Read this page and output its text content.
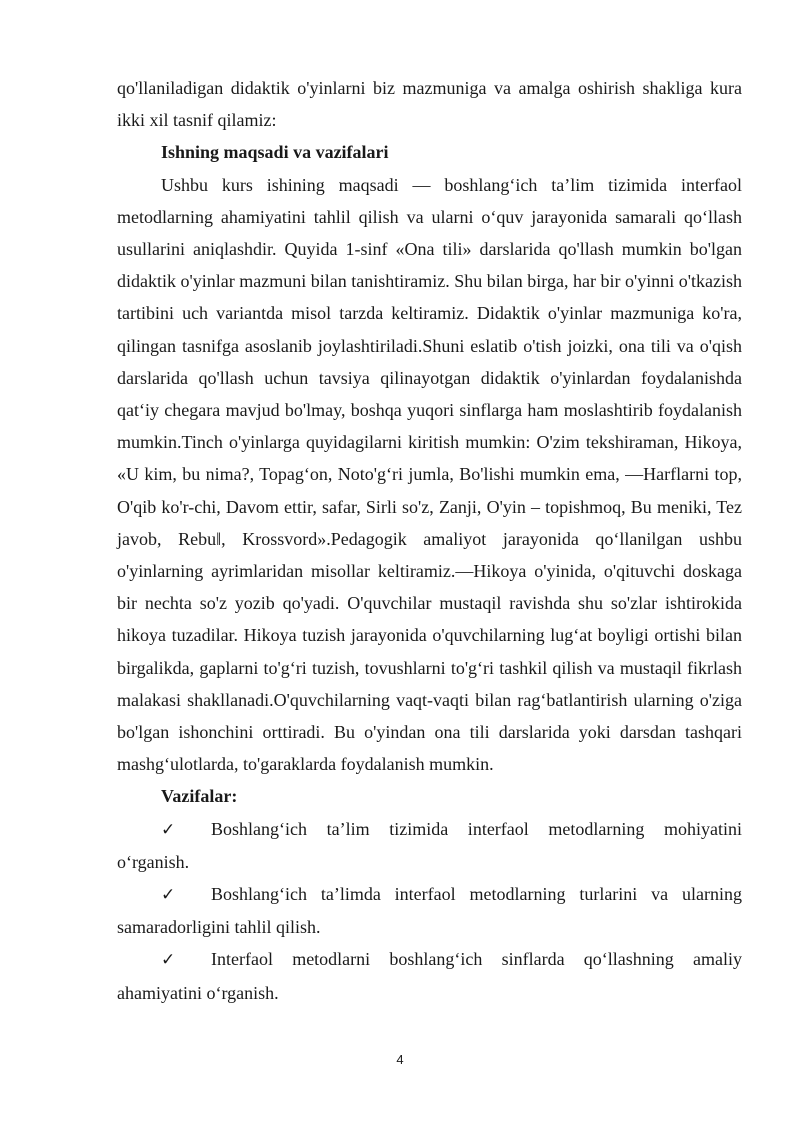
qo'llaniladigan didaktik o'yinlarni biz mazmuniga va amalga oshirish shakliga kura ikki xil tasnif qilamiz:

Ishning maqsadi va vazifalari

Ushbu kurs ishining maqsadi — boshlang‘ich ta’lim tizimida interfaol metodlarning ahamiyatini tahlil qilish va ularni o‘quv jarayonida samarali qo‘llash usullarini aniqlashdir. Quyida 1-sinf «Ona tili» darslarida qo'llash mumkin bo'lgan didaktik o'yinlar mazmuni bilan tanishtiramiz. Shu bilan birga, har bir o'yinni o'tkazish tartibini uch variantda misol tarzda keltiramiz. Didaktik o'yinlar mazmuniga ko'ra, qilingan tasnifga asoslanib joylashtiriladi.Shuni eslatib o'tish joizki, ona tili va o'qish darslarida qo'llash uchun tavsiya qilinayotgan didaktik o'yinlardan foydalanishda qat‘iy chegara mavjud bo'lmay, boshqa yuqori sinflarga ham moslashtirib foydalanish mumkin.Tinch o'yinlarga quyidagilarni kiritish mumkin: O'zim tekshiraman, Hikoya, «U kim, bu nima?, Topag‘on, Noto'g‘ri jumla, Bo'lishi mumkin ema, —Harflarni top, O'qib ko'r-chi, Davom ettir, safar, Sirli so'z, Zanji, O'yin – topishmoq, Bu meniki, Tez javob, Rebu‖, Krossvord».Pedagogik amaliyot jarayonida qo‘llanilgan ushbu o'yinlarning ayrimlaridan misollar keltiramiz.—Hikoya o'yinida, o'qituvchi doskaga bir nechta so'z yozib qo'yadi. O'quvchilar mustaqil ravishda shu so'zlar ishtirokida hikoya tuzadilar. Hikoya tuzish jarayonida o'quvchilarning lug‘at boyligi ortishi bilan birgalikda, gaplarni to'g‘ri tuzish, tovushlarni to'g‘ri tashkil qilish va mustaqil fikrlash malakasi shakllanadi.O'quvchilarning vaqt-vaqti bilan rag‘batlantirish ularning o'ziga bo'lgan ishonchini orttiradi. Bu o'yindan ona tili darslarida yoki darsdan tashqari mashg‘ulotlarda, to'garaklarda foydalanish mumkin.

Vazifalar:

✓ Boshlang‘ich ta’lim tizimida interfaol metodlarning mohiyatini o‘rganish.

✓ Boshlang‘ich ta’limda interfaol metodlarning turlarini va ularning samaradorligini tahlil qilish.

✓ Interfaol metodlarni boshlang‘ich sinflarda qo‘llashning amaliy ahamiyatini o‘rganish.

4
